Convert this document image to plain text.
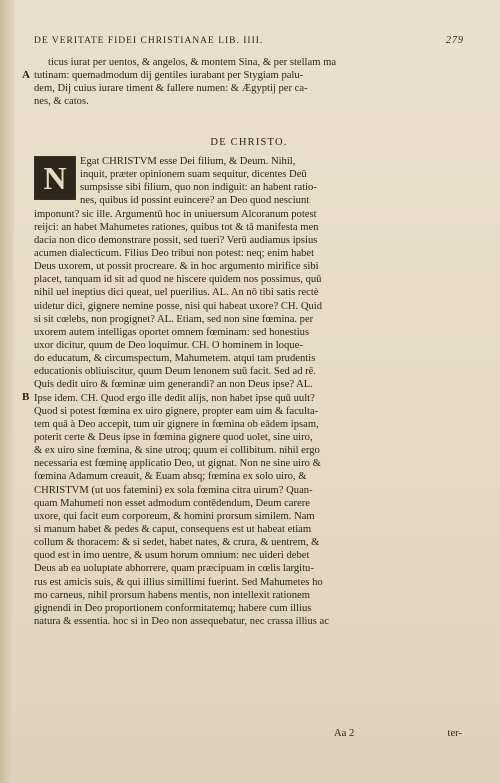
DE VERITATE FIDEI CHRISTIANAE LIB. IIII.	279
A
B
ticus iurat per uentos, & angelos, & montem Sina, & per stellam ma
tutinam: quemadmodum dij gentiles iurabant per Stygiam palu-
dem, Dij cuius iurare timent & fallere numen: & Ægyptij per ca-
nes, & catos.
DE CHRISTO.
N	Egat CHRISTVM esse Dei filium, & Deum. Nihil,
inquit, præter opinionem suam sequitur, dicentes Deū
sumpsisse sibi filium, quo non indiguit: an habent ratio-
nes, quibus id possint euincere? an Deo quod nesciunt
imponunt? sic ille. Argumentū hoc in uniuersum Alcoranum potest
reijci: an habet Mahumetes rationes, quibus tot & tā manifesta men
dacia non dico demonstrare possit, sed tueri? Verū audiamus ipsius
acumen dialecticum. Filius Deo tribui non potest: neq; enim habet
Deus uxorem, ut possit procreare. & in hoc argumento mirifice sibi
placet, tanquam id sit ad quod ne hiscere quidem nos possimus, quū
nihil uel ineptius dici queat, uel puerilius. AL. An nō tibi satis rectè
uidetur dici, gignere nemine posse, nisi qui habeat uxore? CH. Quid
si sit cœlebs, non progignet? AL. Etiam, sed non sine fœmina. per
uxorem autem intelligas oportet omnem fœminam: sed honestius
uxor dicitur, quum de Deo loquimur. CH. O hominem in loque-
do educatum, & circumspectum, Mahumetem. atqui tam prudentis
educationis obliuiscitur, quum Deum lenonem suū facit. Sed ad rē.
Quis dedit uiro & fœminæ uim generandi? an non Deus ipse? AL.
Ipse idem. CH. Quod ergo ille dedit alijs, non habet ipse quū uult?
Quod si potest fœmina ex uiro gignere, propter eam uim & faculta-
tem quā à Deo accepit, tum uir gignere in fœmina ob eādem ipsam,
poterit certe & Deus ipse in fœmina gignere quod uolet, sine uiro,
& ex uiro sine fœmina, & sine utroq; quum ei collibitum. nihil ergo
necessaria est fœminę applicatio Deo, ut gignat. Non ne sine uiro &
fœmina Adamum creauit, & Euam absq; fœmina ex solo uiro, &
CHRISTVM (ut uos fatemini) ex sola fœmina citra uirum? Quan-
quam Mahumeti non esset admodum contēdendum, Deum carere
uxore, qui facit eum corporeum, & homini prorsum similem. Nam
si manum habet & pedes & caput, consequens est ut habeat etiam
collum & thoracem: & si sedet, habet nates, & crura, & uentrem, &
quod est in imo uentre, & usum horum omnium: nec uideri debet
Deus ab ea uoluptate abhorrere, quam præcipuam in cœlis largitu-
rus est amicis suis, & qui illius simillimi fuerint. Sed Mahumetes ho
mo carneus, nihil prorsum habens mentis, non intellexit rationem
gignendi in Deo proportionem conformitatemq; habere cum illius
natura & essentia. hoc si in Deo non assequebatur, nec crassa illius ac
Aa 2	ter-
